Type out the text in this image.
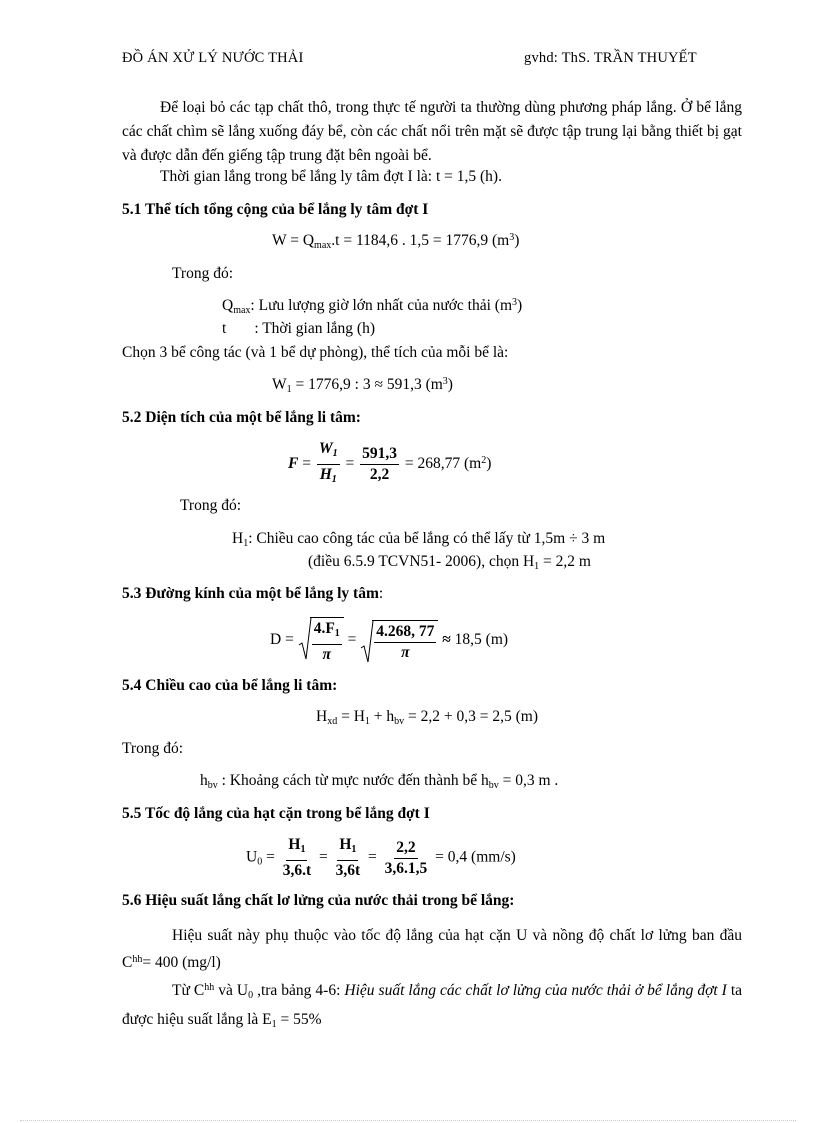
ĐỒ ÁN XỬ LÝ NƯỚC THẢI	gvhd: ThS. TRẦN THUYẾT
Để loại bỏ các tạp chất thô, trong thực tế người ta thường dùng phương pháp lắng. Ở bể lắng các chất chìm sẽ lắng xuống đáy bể, còn các chất nổi trên mặt sẽ được tập trung lại bằng thiết bị gạt và được dẫn đến giếng tập trung đặt bên ngoài bể.
Thời gian lắng trong bể lắng ly tâm đợt I là: t = 1,5 (h).
5.1 Thể tích tổng cộng của bể lắng ly tâm đợt I
$W = Q_{max}.t = 1184,6$ . 1,5 = 1776,9 $(m^3)$
Trong đó:
$Q_{max}$: Lưu lượng giờ lớn nhất của nước thải $(m^3)$
t : Thời gian lắng (h)
Chọn 3 bể công tác (và 1 bể dự phòng), thể tích của mỗi bể là:
$W_1 = 1776,9$ : 3 ≈ 591,3 $(m^3)$
5.2 Diện tích của một bể lắng li tâm:
$F = \frac{W_1}{H_1} = \frac{591,3}{2,2} = 268,77$ $(m^2)$
Trong đó:
$H_1$: Chiều cao công tác của bể lắng có thể lấy từ 1,5m ÷ 3 m
(điều 6.5.9 TCVN51- 2006), chọn $H_1 = 2,2$ m
5.3 Đường kính của một bể lắng ly tâm:
$D = \frac{4.F_1}{\pi} = \frac{4.268, 77}{\pi} \approx 18,5$ (m)
5.4 Chiều cao của bể lắng li tâm:
$H_{xd} = H_1 + h_{bv} = 2,2 + 0,3 = 2,5$ (m)
Trong đó:
$h_{bv}$ : Khoảng cách từ mực nước đến thành bể $h_{bv} = 0,3$ m .
5.5 Tốc độ lắng của hạt cặn trong bể lắng đợt I
$U_0 = \frac{H_1}{3,6.t} = \frac{H_1}{3,6t} = \frac{2,2}{3,6.1,5} = 0,4$ (mm/s)
5.6 Hiệu suất lắng chất lơ lửng của nước thải trong bể lắng:
Hiệu suất này phụ thuộc vào tốc độ lắng của hạt cặn U và nồng độ chất lơ lửng ban đầu $C^{hh}= 400$ (mg/l)
Từ $C^{hh}$ và $U_0$ ,tra bảng 4-6: Hiệu suất lắng các chất lơ lửng của nước thải ở bể lắng đợt I ta được hiệu suất lắng là $E_1 = 55\%$
